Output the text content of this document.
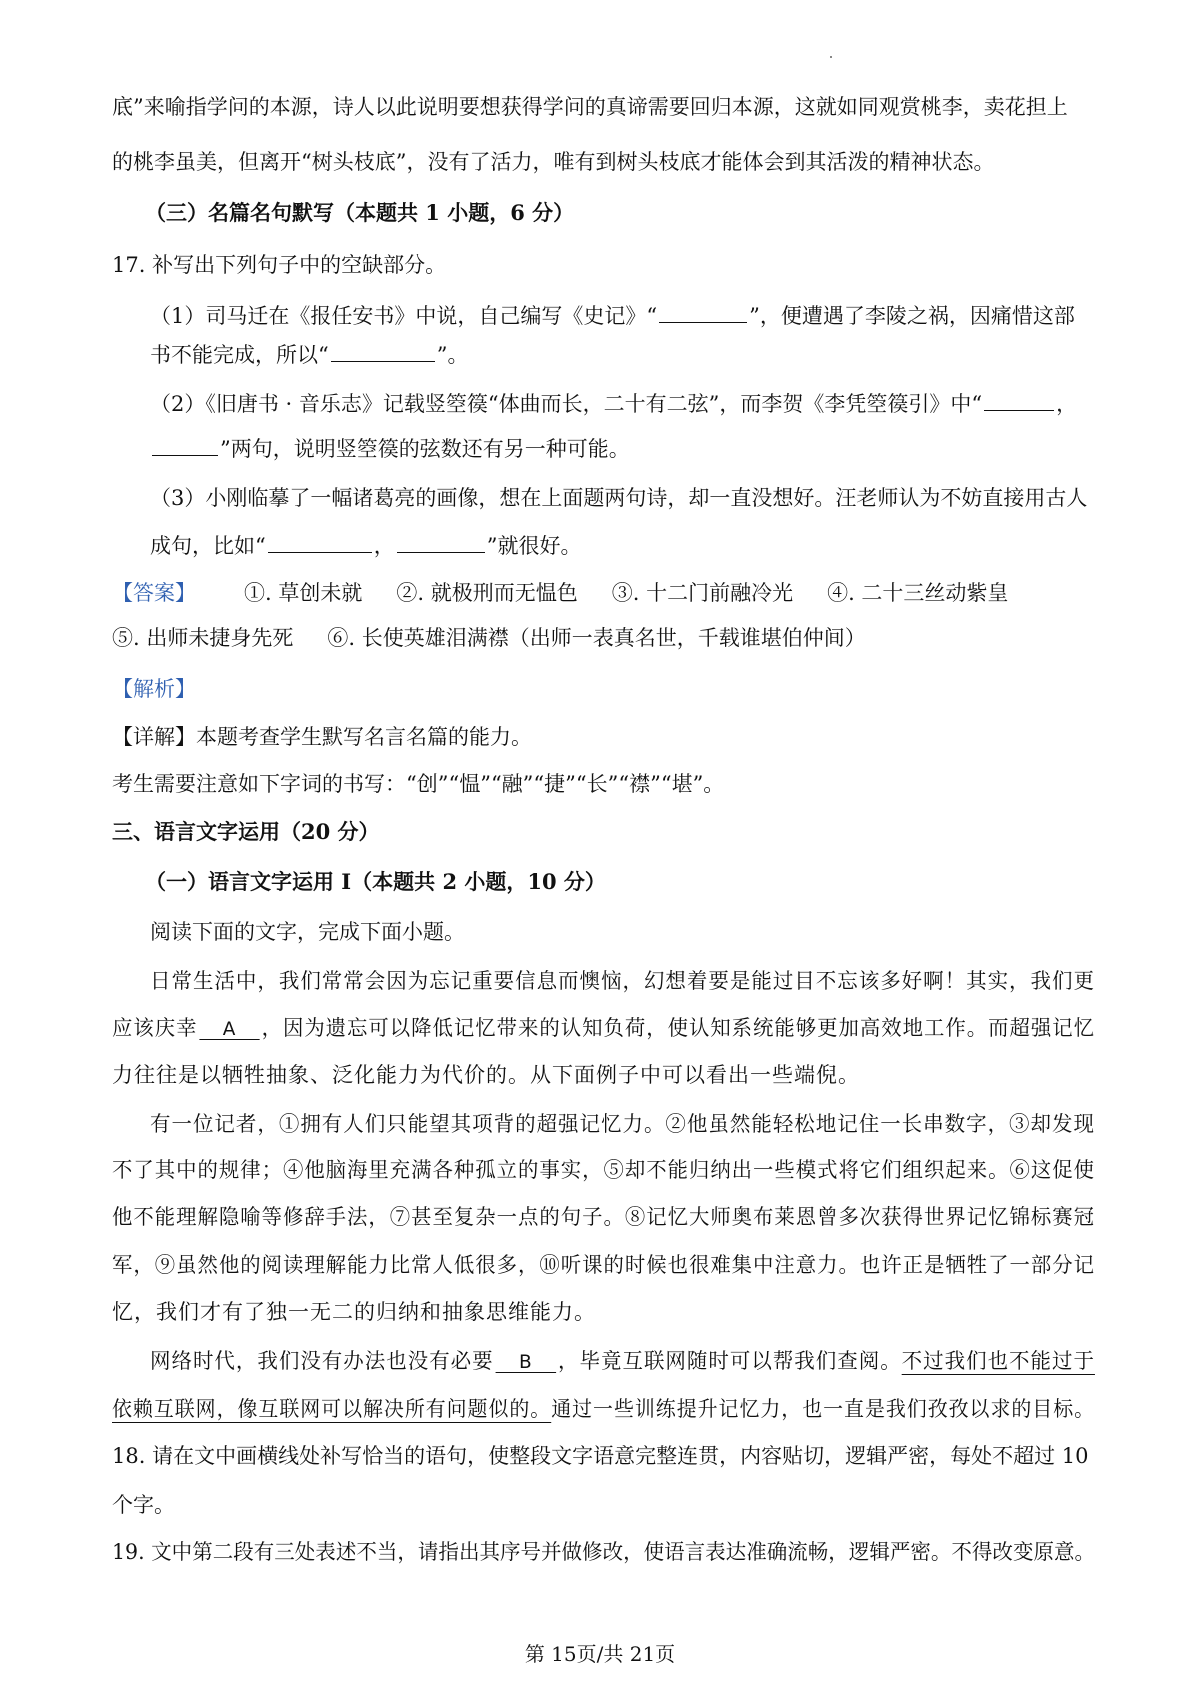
底”来喻指学问的本源，诗人以此说明要想获得学问的真谛需要回归本源，这就如同观赏桃李，卖花担上
的桃李虽美，但离开“树头枝底”，没有了活力，唯有到树头枝底才能体会到其活泼的精神状态。
（三）名篇名句默写（本题共 1 小题，6 分）
17. 补写出下列句子中的空缺部分。
（1）司马迁在《报任安书》中说，自己编写《史记》“	”，便遭遇了李陵之祸，因痛惜这部
书不能完成，所以“	”。
（2）《旧唐书 · 音乐志》记载竖箜篌“体曲而长，二十有二弦”，而李贺《李凭箜篌引》中“	，
”两句，说明竖箜篌的弦数还有另一种可能。
（3）小刚临摹了一幅诸葛亮的画像，想在上面题两句诗，却一直没想好。汪老师认为不妨直接用古人
成句，比如“	，	”就很好。
【答案】 ①. 草创未就 ②. 就极刑而无愠色 ③. 十二门前融冷光 ④. 二十三丝动紫皇
⑤. 出师未捷身先死 ⑥. 长使英雄泪满襟（出师一表真名世，千载谁堪伯仲间）
【解析】
【详解】本题考查学生默写名言名篇的能力。
考生需要注意如下字词的书写：“创”“愠”“融”“捷”“长”“襟”“堪”。
三、语言文字运用（20 分）
（一）语言文字运用 Ⅰ（本题共 2 小题，10 分）
阅读下面的文字，完成下面小题。
日常生活中，我们常常会因为忘记重要信息而懊恼，幻想着要是能过目不忘该多好啊！其实，我们更
应该庆幸 A ，因为遗忘可以降低记忆带来的认知负荷，使认知系统能够更加高效地工作。而超强记忆
力往往是以牺牲抽象、泛化能力为代价的。从下面例子中可以看出一些端倪。
有一位记者，①拥有人们只能望其项背的超强记忆力。②他虽然能轻松地记住一长串数字，③却发现
不了其中的规律；④他脑海里充满各种孤立的事实，⑤却不能归纳出一些模式将它们组织起来。⑥这促使
他不能理解隐喻等修辞手法，⑦甚至复杂一点的句子。⑧记忆大师奥布莱恩曾多次获得世界记忆锦标赛冠
军，⑨虽然他的阅读理解能力比常人低很多，⑩听课的时候也很难集中注意力。也许正是牺牲了一部分记
忆，我们才有了独一无二的归纳和抽象思维能力。
网络时代，我们没有办法也没有必要 B ，毕竟互联网随时可以帮我们查阅。不过我们也不能过于
依赖互联网，像互联网可以解决所有问题似的。通过一些训练提升记忆力，也一直是我们孜孜以求的目标。
18. 请在文中画横线处补写恰当的语句，使整段文字语意完整连贯，内容贴切，逻辑严密，每处不超过 10
个字。
19. 文中第二段有三处表述不当，请指出其序号并做修改，使语言表达准确流畅，逻辑严密。不得改变原意。
第 15页/共 21页
